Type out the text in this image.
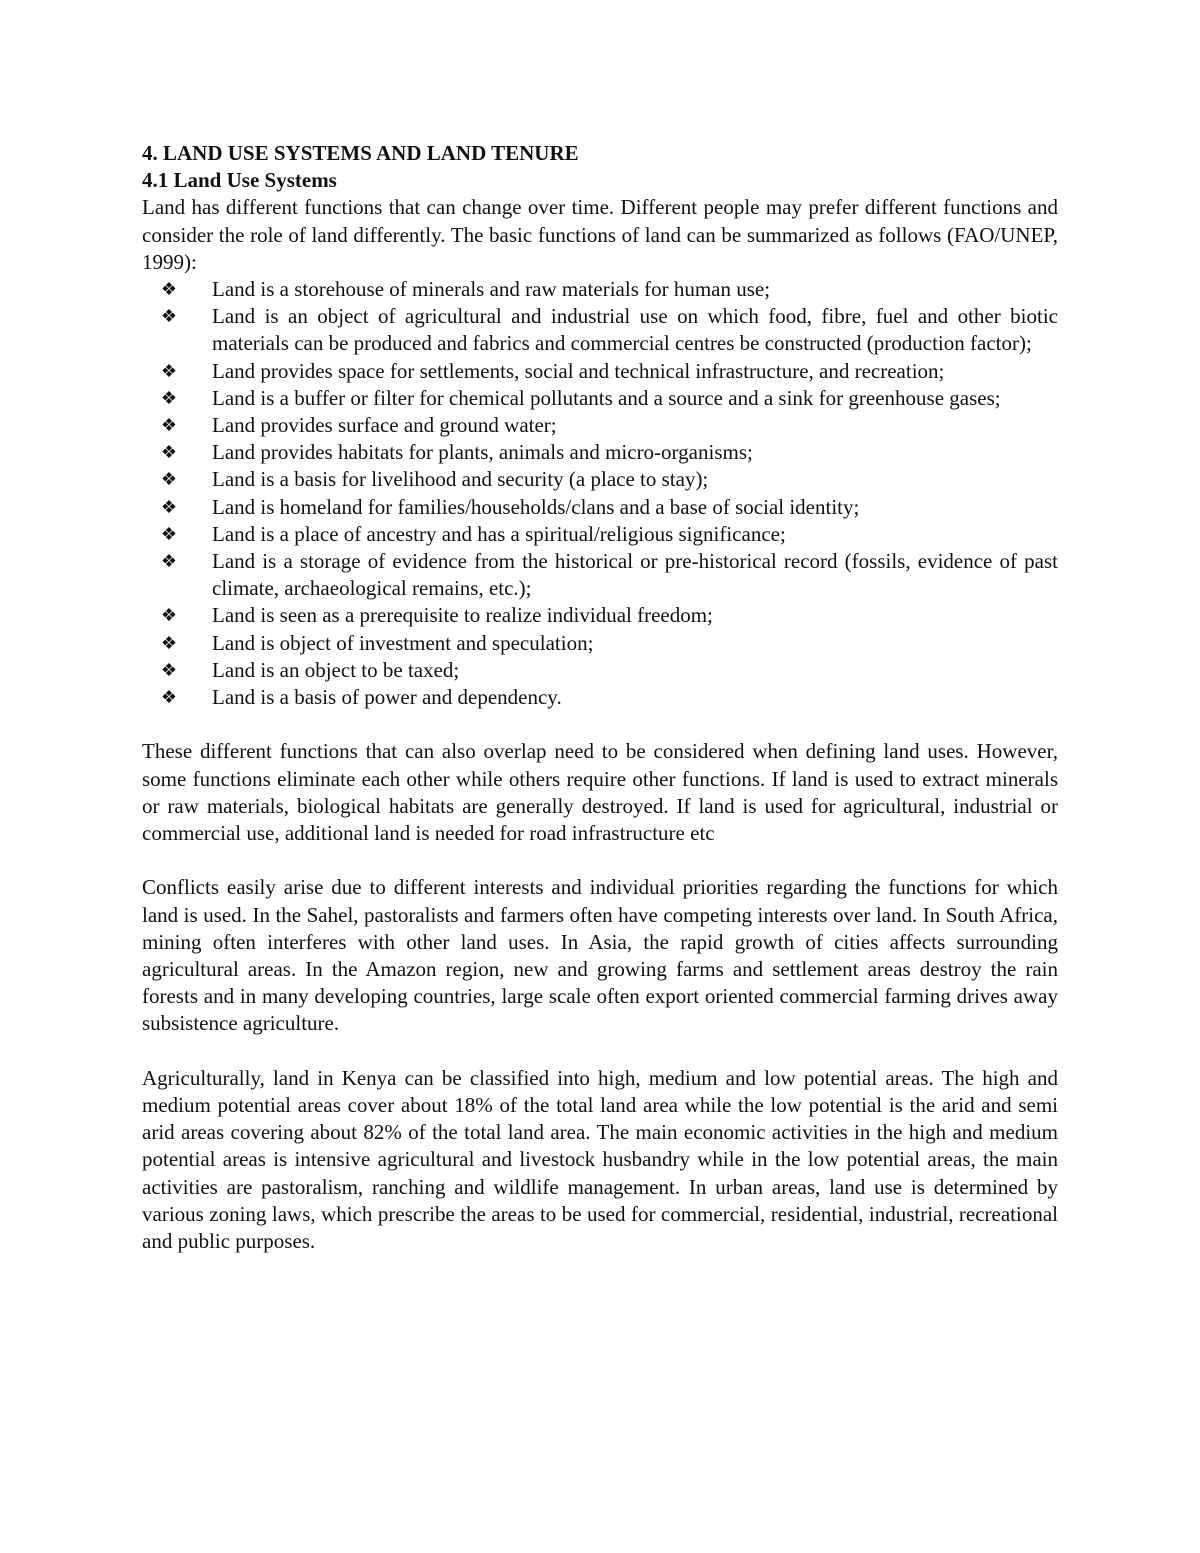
4. LAND USE SYSTEMS AND LAND TENURE

4.1 Land Use Systems

Land has different functions that can change over time. Different people may prefer different functions and consider the role of land differently. The basic functions of land can be summarized as follows (FAO/UNEP, 1999):

❖ Land is a storehouse of minerals and raw materials for human use;
❖ Land is an object of agricultural and industrial use on which food, fibre, fuel and other biotic materials can be produced and fabrics and commercial centres be constructed (production factor);
❖ Land provides space for settlements, social and technical infrastructure, and recreation;
❖ Land is a buffer or filter for chemical pollutants and a source and a sink for greenhouse gases;
❖ Land provides surface and ground water;
❖ Land provides habitats for plants, animals and micro-organisms;
❖ Land is a basis for livelihood and security (a place to stay);
❖ Land is homeland for families/households/clans and a base of social identity;
❖ Land is a place of ancestry and has a spiritual/religious significance;
❖ Land is a storage of evidence from the historical or pre-historical record (fossils, evidence of past climate, archaeological remains, etc.);
❖ Land is seen as a prerequisite to realize individual freedom;
❖ Land is object of investment and speculation;
❖ Land is an object to be taxed;
❖ Land is a basis of power and dependency.

These different functions that can also overlap need to be considered when defining land uses. However, some functions eliminate each other while others require other functions. If land is used to extract minerals or raw materials, biological habitats are generally destroyed. If land is used for agricultural, industrial or commercial use, additional land is needed for road infrastructure etc

Conflicts easily arise due to different interests and individual priorities regarding the functions for which land is used. In the Sahel, pastoralists and farmers often have competing interests over land. In South Africa, mining often interferes with other land uses. In Asia, the rapid growth of cities affects surrounding agricultural areas. In the Amazon region, new and growing farms and settlement areas destroy the rain forests and in many developing countries, large scale often export oriented commercial farming drives away subsistence agriculture.

Agriculturally, land in Kenya can be classified into high, medium and low potential areas. The high and medium potential areas cover about 18% of the total land area while the low potential is the arid and semi arid areas covering about 82% of the total land area. The main economic activities in the high and medium potential areas is intensive agricultural and livestock husbandry while in the low potential areas, the main activities are pastoralism, ranching and wildlife management. In urban areas, land use is determined by various zoning laws, which prescribe the areas to be used for commercial, residential, industrial, recreational and public purposes.
